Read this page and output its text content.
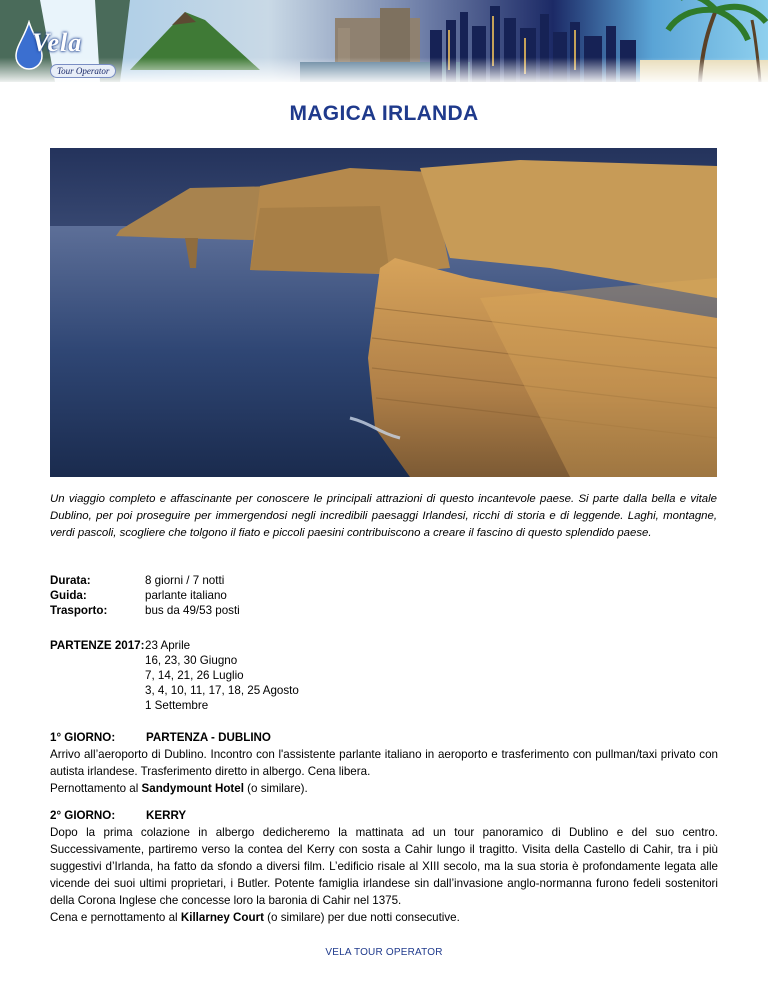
Vela
Tour Operator
MAGICA IRLANDA
Un viaggio completo e affascinante per conoscere le principali attrazioni di questo incantevole paese. Si parte dalla bella e vitale Dublino, per poi proseguire per immergendosi negli incredibili paesaggi Irlandesi, ricchi di storia e di leggende. Laghi, montagne, verdi pascoli, scogliere che tolgono il fiato e piccoli paesini contribuiscono a creare il fascino di questo splendido paese.
Durata:	8 giorni / 7 notti
Guida:	parlante italiano
Trasporto:	bus da 49/53 posti
PARTENZE 2017: 23 Aprile
16, 23, 30 Giugno
7, 14, 21, 26 Luglio
3, 4, 10, 11, 17, 18, 25 Agosto
1 Settembre
1° GIORNO:	PARTENZA - DUBLINO

Arrivo all’aeroporto di Dublino. Incontro con l'assistente parlante italiano in aeroporto e trasferimento con pullman/taxi privato con autista irlandese. Trasferimento diretto in albergo. Cena libera.

Pernottamento al Sandymount Hotel (o similare).

2° GIORNO:	KERRY

Dopo la prima colazione in albergo dedicheremo la mattinata ad un tour panoramico di Dublino e del suo centro. Successivamente, partiremo verso la contea del Kerry con sosta a Cahir lungo il tragitto. Visita della Castello di Cahir, tra i più suggestivi d’Irlanda, ha fatto da sfondo a diversi film. L’edificio risale al XIII secolo, ma la sua storia è profondamente legata alle vicende dei suoi ultimi proprietari, i Butler. Potente famiglia irlandese sin dall’invasione anglo-normanna furono fedeli sostenitori della Corona Inglese che concesse loro la baronia di Cahir nel 1375.

Cena e pernottamento al Killarney Court (o similare) per due notti consecutive.

VELA TOUR OPERATOR
